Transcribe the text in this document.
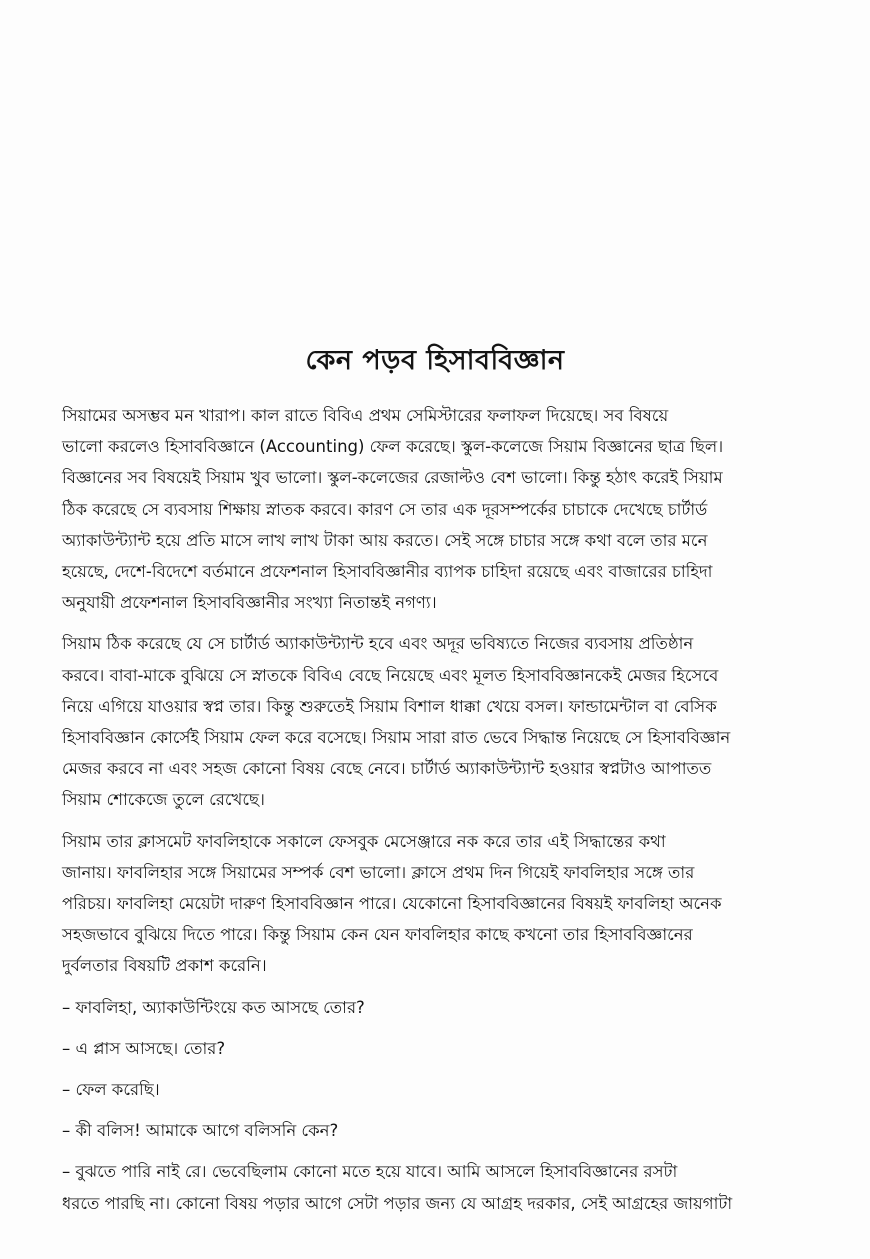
কেন পড়ব হিসাববিজ্ঞান
সিয়ামের অসম্ভব মন খারাপ। কাল রাতে বিবিএ প্রথম সেমিস্টারের ফলাফল দিয়েছে। সব বিষয়ে
ভালো করলেও হিসাববিজ্ঞানে (Accounting) ফেল করেছে। স্কুল-কলেজে সিয়াম বিজ্ঞানের ছাত্র ছিল।
বিজ্ঞানের সব বিষয়েই সিয়াম খুব ভালো। স্কুল-কলেজের রেজাল্টও বেশ ভালো। কিন্তু হঠাৎ করেই সিয়াম
ঠিক করেছে সে ব্যবসায় শিক্ষায় স্নাতক করবে। কারণ সে তার এক দূরসম্পর্কের চাচাকে দেখেছে চার্টার্ড
অ্যাকাউন্ট্যান্ট হয়ে প্রতি মাসে লাখ লাখ টাকা আয় করতে। সেই সঙ্গে চাচার সঙ্গে কথা বলে তার মনে
হয়েছে, দেশে-বিদেশে বর্তমানে প্রফেশনাল হিসাববিজ্ঞানীর ব্যাপক চাহিদা রয়েছে এবং বাজারের চাহিদা
অনুযায়ী প্রফেশনাল হিসাববিজ্ঞানীর সংখ্যা নিতান্তই নগণ্য।
সিয়াম ঠিক করেছে যে সে চার্টার্ড অ্যাকাউন্ট্যান্ট হবে এবং অদূর ভবিষ্যতে নিজের ব্যবসায় প্রতিষ্ঠান
করবে। বাবা-মাকে বুঝিয়ে সে স্নাতকে বিবিএ বেছে নিয়েছে এবং মূলত হিসাববিজ্ঞানকেই মেজর হিসেবে
নিয়ে এগিয়ে যাওয়ার স্বপ্ন তার। কিন্তু শুরুতেই সিয়াম বিশাল ধাক্কা খেয়ে বসল। ফান্ডামেন্টাল বা বেসিক
হিসাববিজ্ঞান কোর্সেই সিয়াম ফেল করে বসেছে। সিয়াম সারা রাত ভেবে সিদ্ধান্ত নিয়েছে সে হিসাববিজ্ঞান
মেজর করবে না এবং সহজ কোনো বিষয় বেছে নেবে। চার্টার্ড অ্যাকাউন্ট্যান্ট হওয়ার স্বপ্নটাও আপাতত
সিয়াম শোকেজে তুলে রেখেছে।
সিয়াম তার ক্লাসমেট ফাবলিহাকে সকালে ফেসবুক মেসেঞ্জারে নক করে তার এই সিদ্ধান্তের কথা
জানায়। ফাবলিহার সঙ্গে সিয়ামের সম্পর্ক বেশ ভালো। ক্লাসে প্রথম দিন গিয়েই ফাবলিহার সঙ্গে তার
পরিচয়। ফাবলিহা মেয়েটা দারুণ হিসাববিজ্ঞান পারে। যেকোনো হিসাববিজ্ঞানের বিষয়ই ফাবলিহা অনেক
সহজভাবে বুঝিয়ে দিতে পারে। কিন্তু সিয়াম কেন যেন ফাবলিহার কাছে কখনো তার হিসাববিজ্ঞানের
দুর্বলতার বিষয়টি প্রকাশ করেনি।
– ফাবলিহা, অ্যাকাউন্টিংয়ে কত আসছে তোর?
– এ প্লাস আসছে। তোর?
– ফেল করেছি।
– কী বলিস! আমাকে আগে বলিসনি কেন?
– বুঝতে পারি নাই রে। ভেবেছিলাম কোনো মতে হয়ে যাবে। আমি আসলে হিসাববিজ্ঞানের রসটা
ধরতে পারছি না। কোনো বিষয় পড়ার আগে সেটা পড়ার জন্য যে আগ্রহ দরকার, সেই আগ্রহের জায়গাটা
